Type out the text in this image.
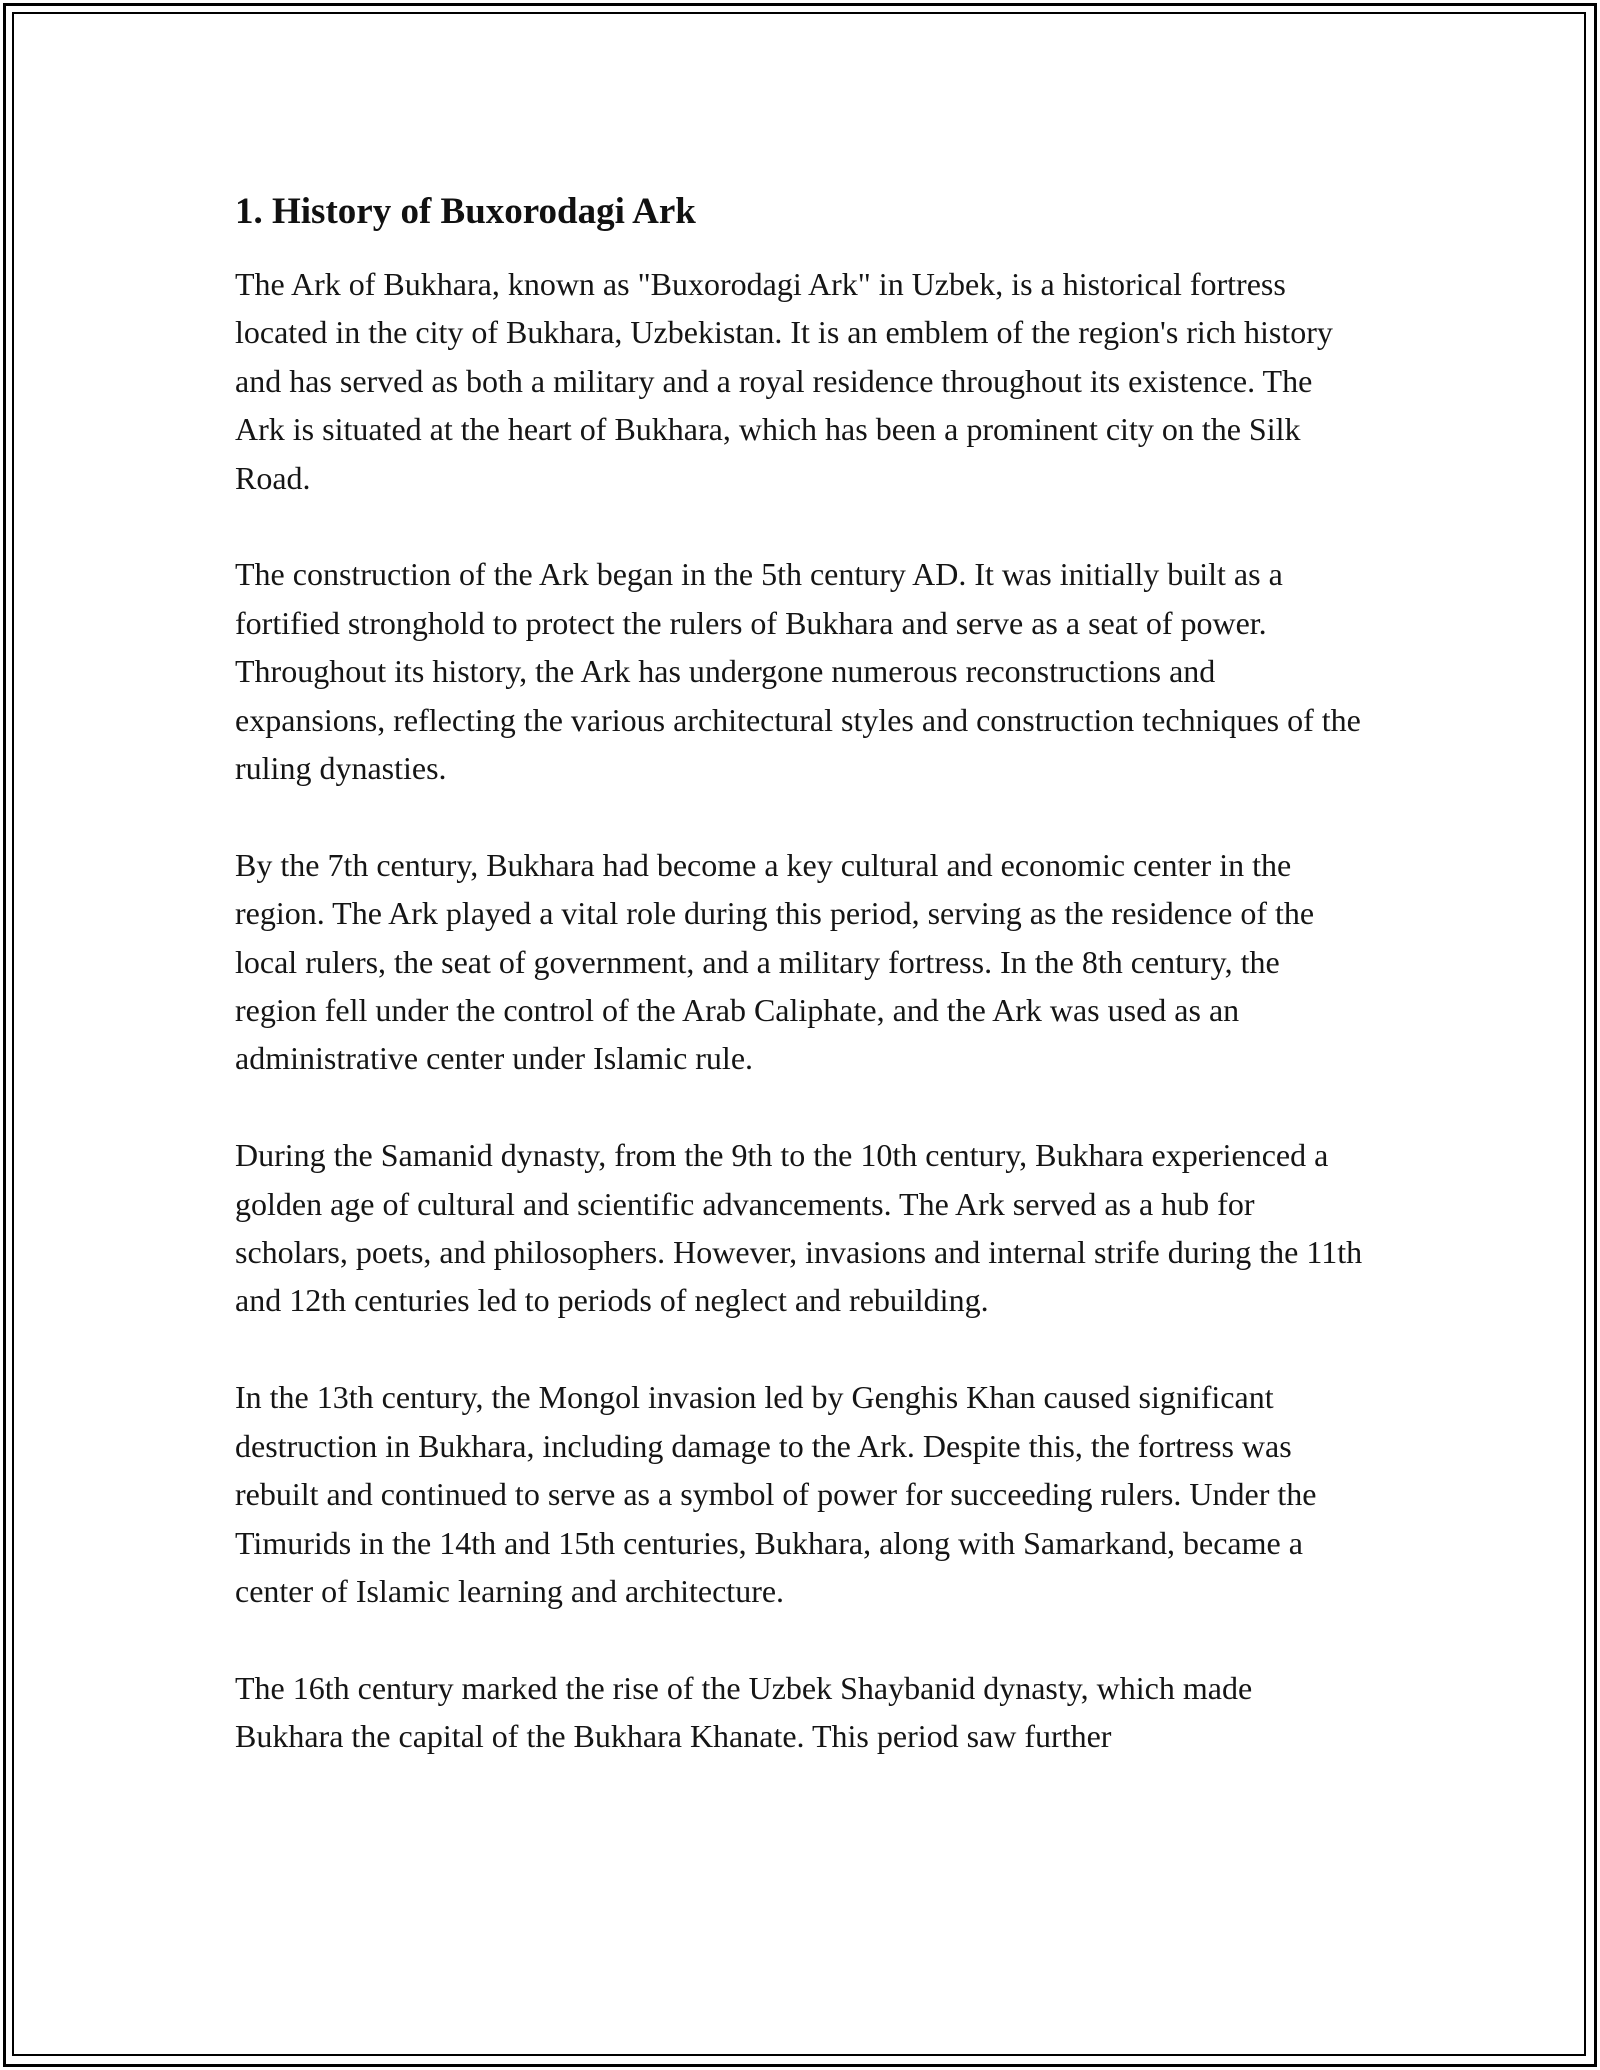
1. History of Buxorodagi Ark

The Ark of Bukhara, known as "Buxorodagi Ark" in Uzbek, is a historical fortress located in the city of Bukhara, Uzbekistan. It is an emblem of the region's rich history and has served as both a military and a royal residence throughout its existence. The Ark is situated at the heart of Bukhara, which has been a prominent city on the Silk Road.

The construction of the Ark began in the 5th century AD. It was initially built as a fortified stronghold to protect the rulers of Bukhara and serve as a seat of power. Throughout its history, the Ark has undergone numerous reconstructions and expansions, reflecting the various architectural styles and construction techniques of the ruling dynasties.

By the 7th century, Bukhara had become a key cultural and economic center in the region. The Ark played a vital role during this period, serving as the residence of the local rulers, the seat of government, and a military fortress. In the 8th century, the region fell under the control of the Arab Caliphate, and the Ark was used as an administrative center under Islamic rule.

During the Samanid dynasty, from the 9th to the 10th century, Bukhara experienced a golden age of cultural and scientific advancements. The Ark served as a hub for scholars, poets, and philosophers. However, invasions and internal strife during the 11th and 12th centuries led to periods of neglect and rebuilding.

In the 13th century, the Mongol invasion led by Genghis Khan caused significant destruction in Bukhara, including damage to the Ark. Despite this, the fortress was rebuilt and continued to serve as a symbol of power for succeeding rulers. Under the Timurids in the 14th and 15th centuries, Bukhara, along with Samarkand, became a center of Islamic learning and architecture.

The 16th century marked the rise of the Uzbek Shaybanid dynasty, which made Bukhara the capital of the Bukhara Khanate. This period saw further
